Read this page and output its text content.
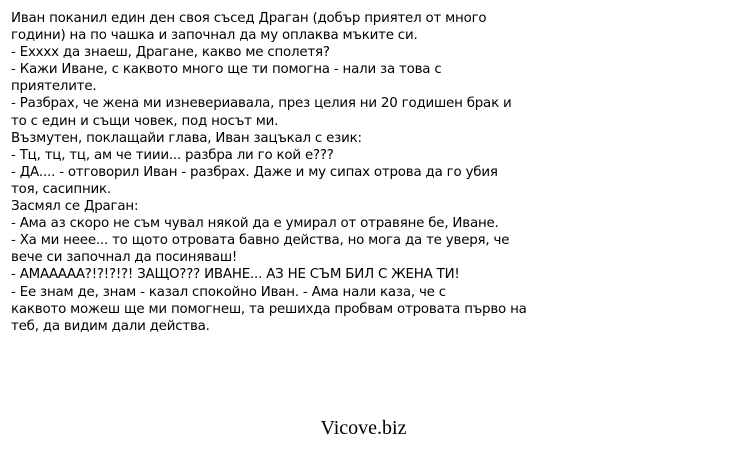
Иван поканил един ден своя съсед Драган (добър приятел от много
години) на по чашка и започнал да му оплаква мъките си.
- Ехххх да знаеш, Драгане, какво ме сполетя?
- Кажи Иване, с каквото много ще ти помогна - нали за това с
приятелите.
- Разбрах, че жена ми изневериавала, през целия ни 20 годишен брак и
то с един и същи човек, под носът ми.
Възмутен, поклащайи глава, Иван зацъкал с език:
- Тц, тц, тц, ам че тиии... разбра ли го кой е???
- ДА.... - отговорил Иван - разбрах. Даже и му сипах отрова да го убия
тоя, сасипник.
Засмял се Драган:
- Ама аз скоро не съм чувал някой да е умирал от отравяне бе, Иване.
- Ха ми нeee... то щото отровата бавно действа, но мога да те уверя, че
вече си започнал да посиняваш!
- АМААААА?!?!?!?! ЗАЩО??? ИВАНЕ... АЗ НЕ СЪМ БИЛ С ЖЕНА ТИ!
- Ее знам де, знам - казал спокойно Иван. - Ама нали каза, че с
каквото можеш ще ми помогнеш, та решихда пробвам отровата първо на
теб, да видим дали действа.
Vicove.biz
